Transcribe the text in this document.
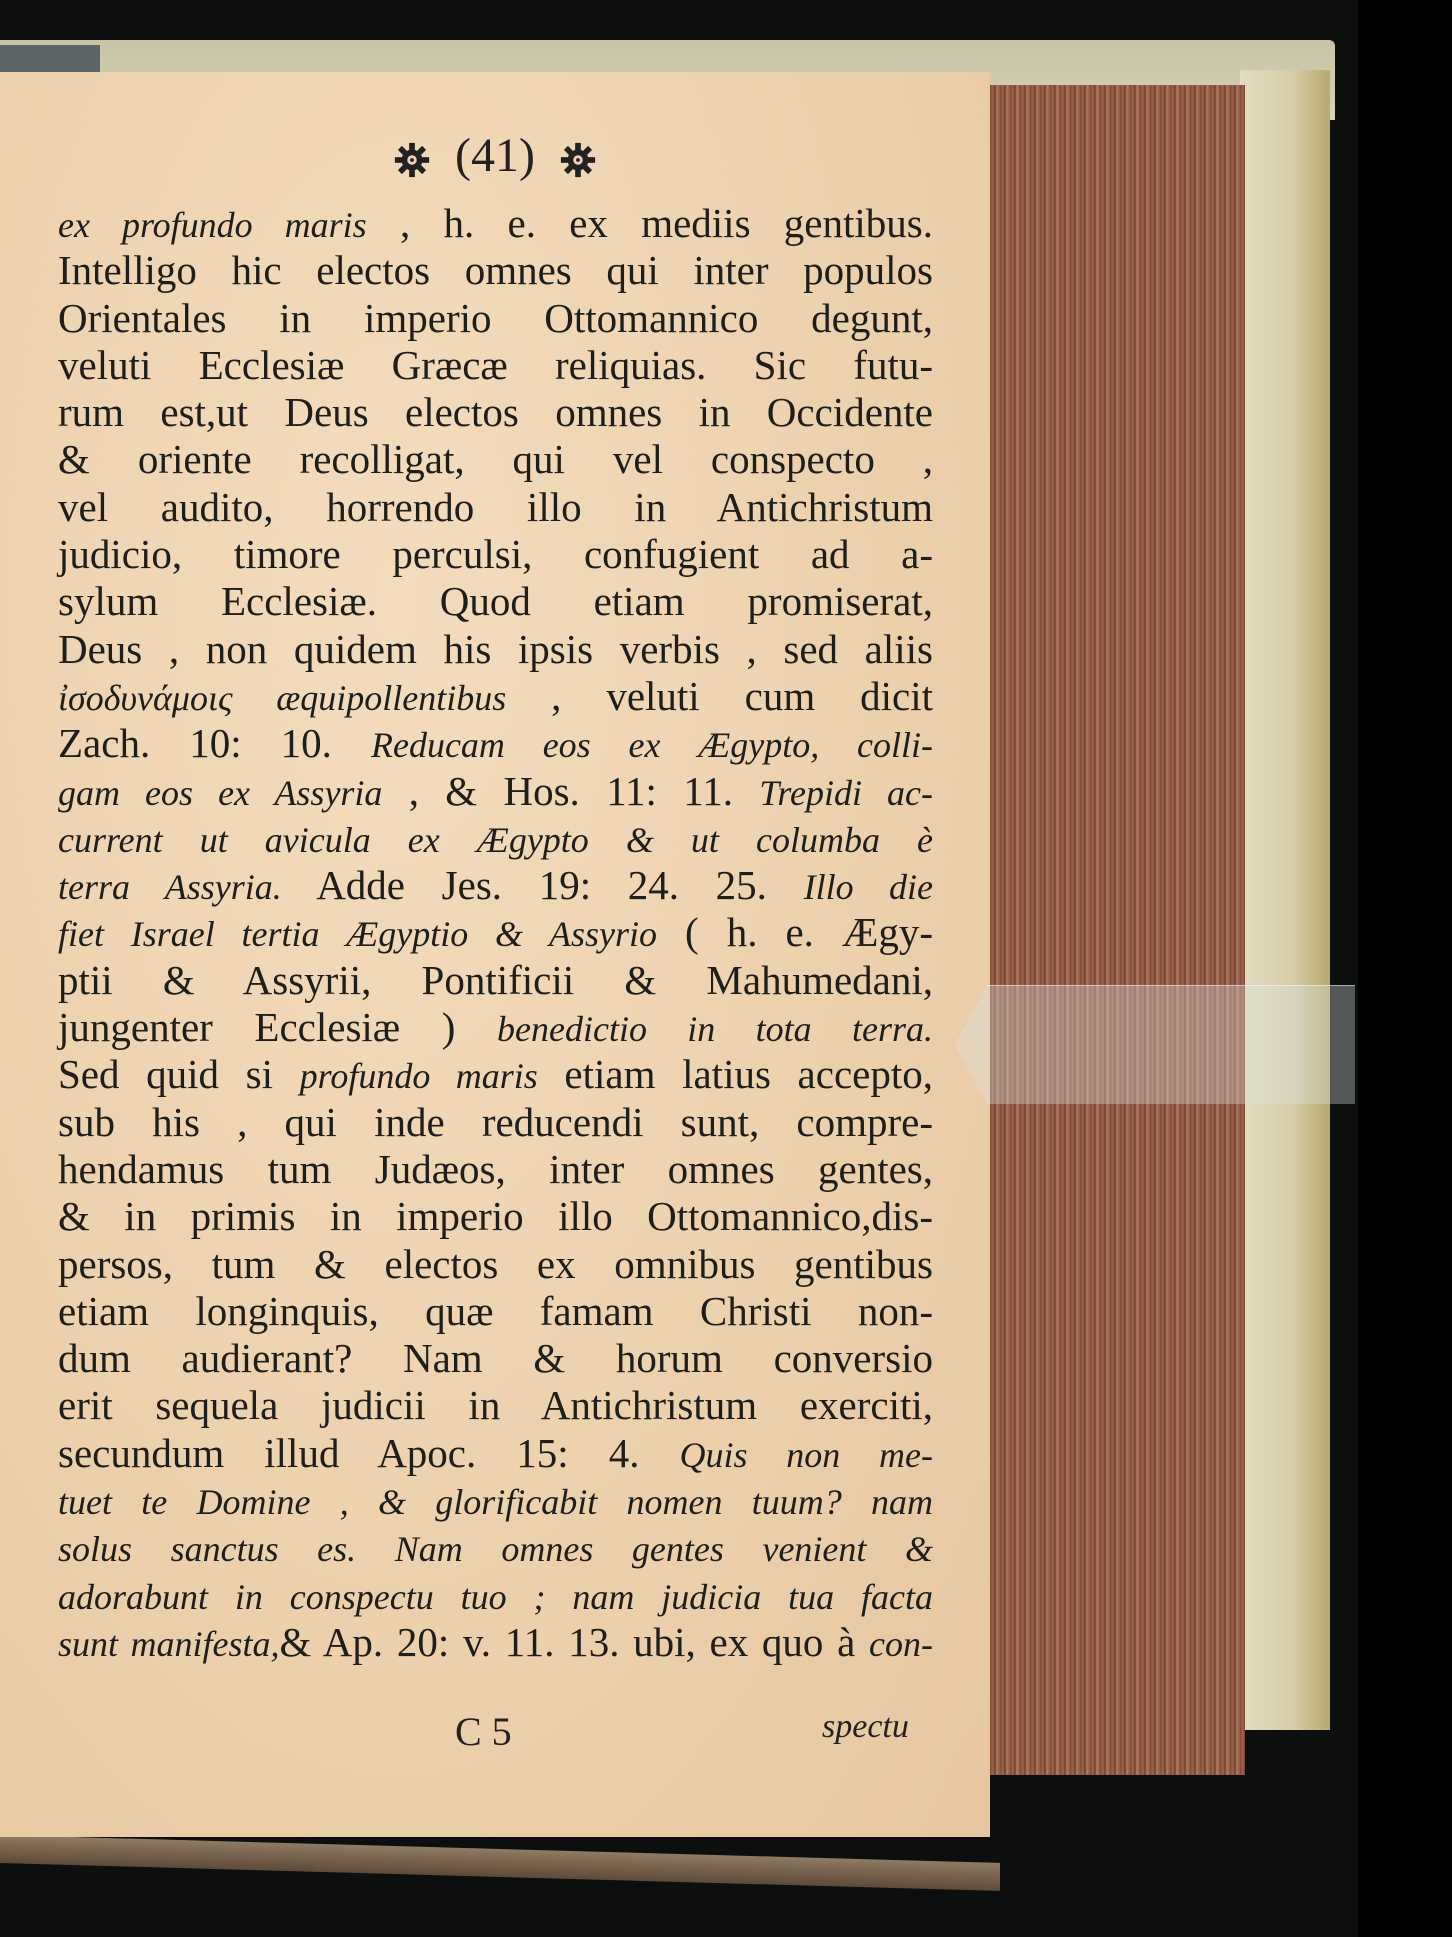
(41)
ex profundo maris , h. e. ex mediis gentibus.
Intelligo hic electos omnes qui inter populos
Orientales in imperio Ottomannico degunt,
veluti Ecclesiæ Græcæ reliquias. Sic futu-
rum est,ut Deus electos omnes in Occidente
& oriente recolligat, qui vel conspecto ,
vel audito, horrendo illo in Antichristum
judicio, timore perculsi, confugient ad a-
sylum Ecclesiæ. Quod etiam promiserat,
Deus , non quidem his ipsis verbis , sed aliis
ἰσοδυνάμοις æquipollentibus , veluti cum dicit
Zach. 10: 10. Reducam eos ex Ægypto, colli-
gam eos ex Assyria , & Hos. 11: 11. Trepidi ac-
current ut avicula ex Ægypto & ut columba è
terra Assyria. Adde Jes. 19: 24. 25. Illo die
fiet Israel tertia Ægyptio & Assyrio ( h. e. Ægy-
ptii & Assyrii, Pontificii & Mahumedani,
jungenter Ecclesiæ ) benedictio in tota terra.
Sed quid si profundo maris etiam latius accepto,
sub his , qui inde reducendi sunt, compre-
hendamus tum Judæos, inter omnes gentes,
& in primis in imperio illo Ottomannico,dis-
persos, tum & electos ex omnibus gentibus
etiam longinquis, quæ famam Christi non-
dum audierant? Nam & horum conversio
erit sequela judicii in Antichristum exerciti,
secundum illud Apoc. 15: 4. Quis non me-
tuet te Domine , & glorificabit nomen tuum? nam
solus sanctus es. Nam omnes gentes venient &
adorabunt in conspectu tuo ; nam judicia tua facta
sunt manifesta,& Ap. 20: v. 11. 13. ubi, ex quo à con-
C 5	spectu
